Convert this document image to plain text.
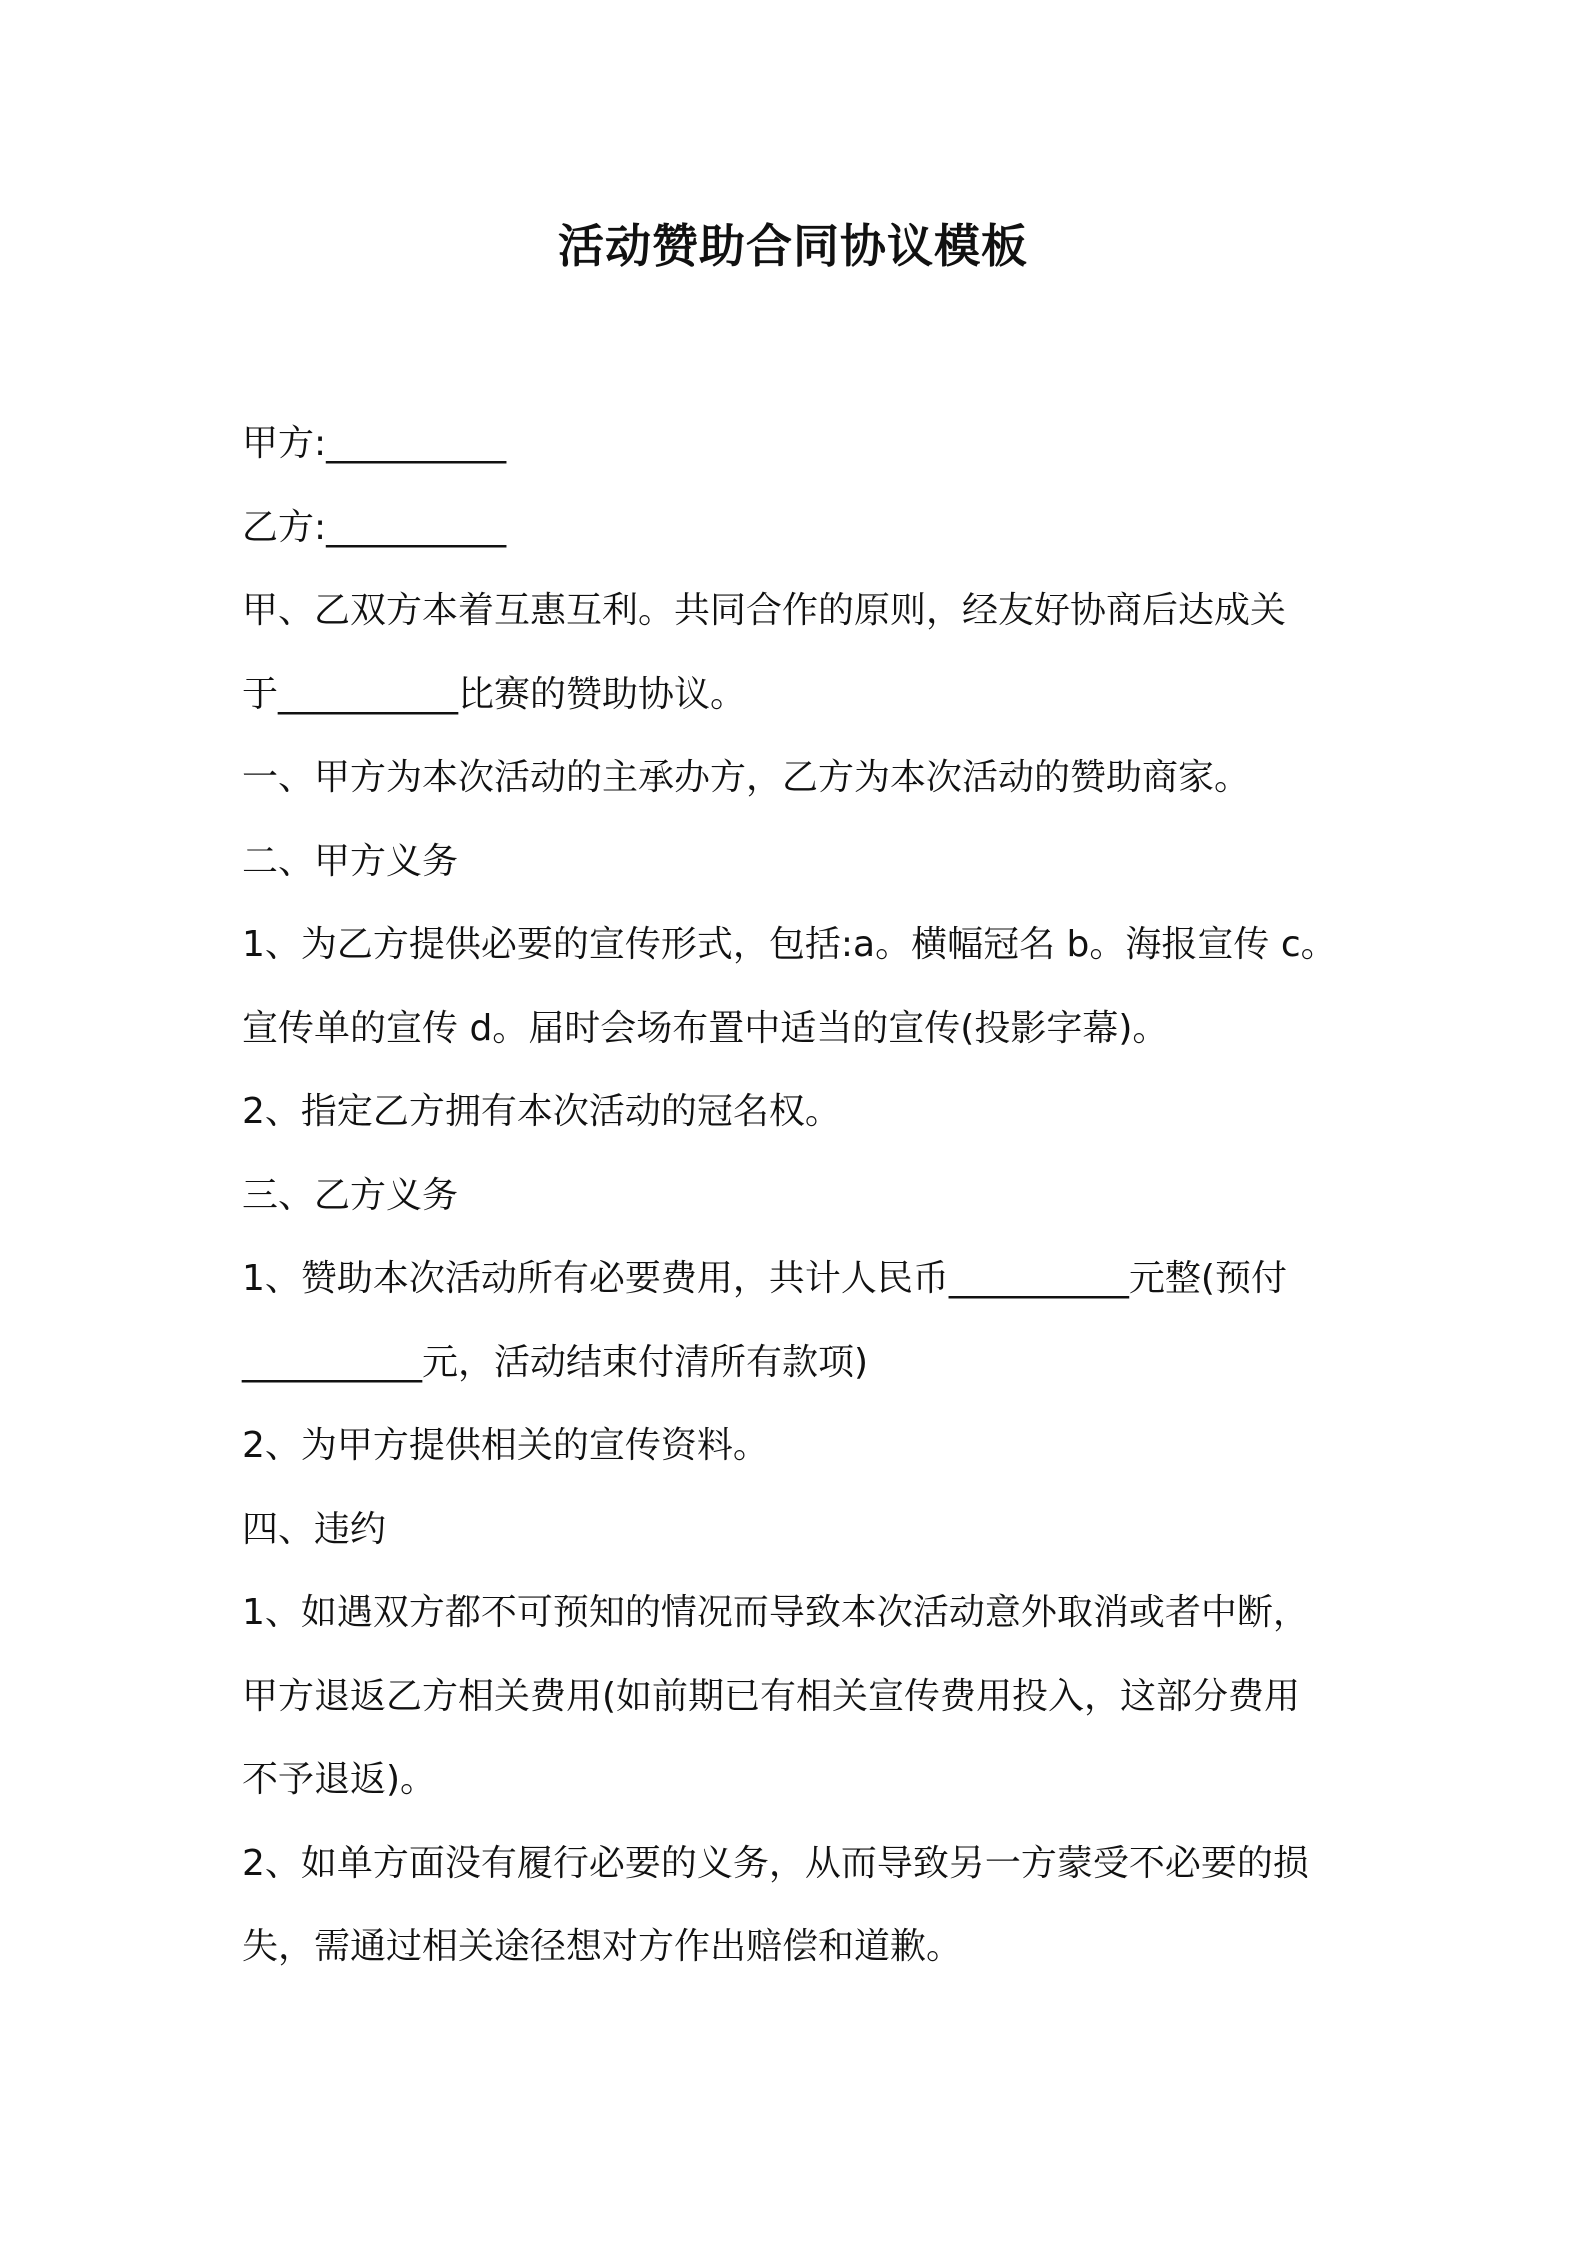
活动赞助合同协议模板
甲方:__________
乙方:__________
甲、乙双方本着互惠互利。共同合作的原则，经友好协商后达成关
于__________比赛的赞助协议。
一、甲方为本次活动的主承办方，乙方为本次活动的赞助商家。
二、甲方义务
1、为乙方提供必要的宣传形式，包括:a。横幅冠名 b。海报宣传 c。
宣传单的宣传 d。届时会场布置中适当的宣传(投影字幕)。
2、指定乙方拥有本次活动的冠名权。
三、乙方义务
1、赞助本次活动所有必要费用，共计人民币__________元整(预付
__________元，活动结束付清所有款项)
2、为甲方提供相关的宣传资料。
四、违约
1、如遇双方都不可预知的情况而导致本次活动意外取消或者中断，
甲方退返乙方相关费用(如前期已有相关宣传费用投入，这部分费用
不予退返)。
2、如单方面没有履行必要的义务，从而导致另一方蒙受不必要的损
失，需通过相关途径想对方作出赔偿和道歉。
